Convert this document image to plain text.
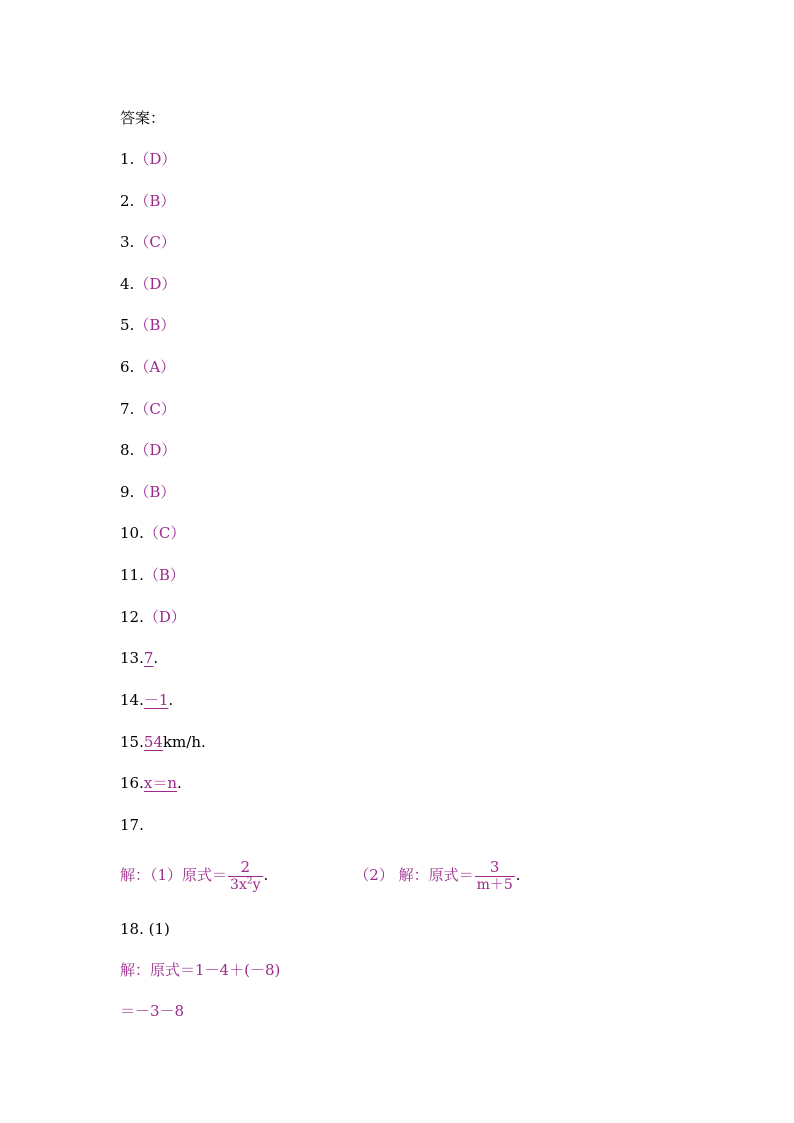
答案：
1.（D）
2.（B）
3.（C）
4.（D）
5.（B）
6.（A）
7.（C）
8.（D）
9.（B）
10.（C）
11.（B）
12.（D）
13.7.
14.－1.
15.54km/h.
16.x＝n.
17.
解：（1）原式＝ $\frac{2}{3x^2y}$ .	（2） 解：原式＝ $\frac{3}{m+5}$ .
18. (1)
解：原式＝1－4＋(－8)
＝－3－8
